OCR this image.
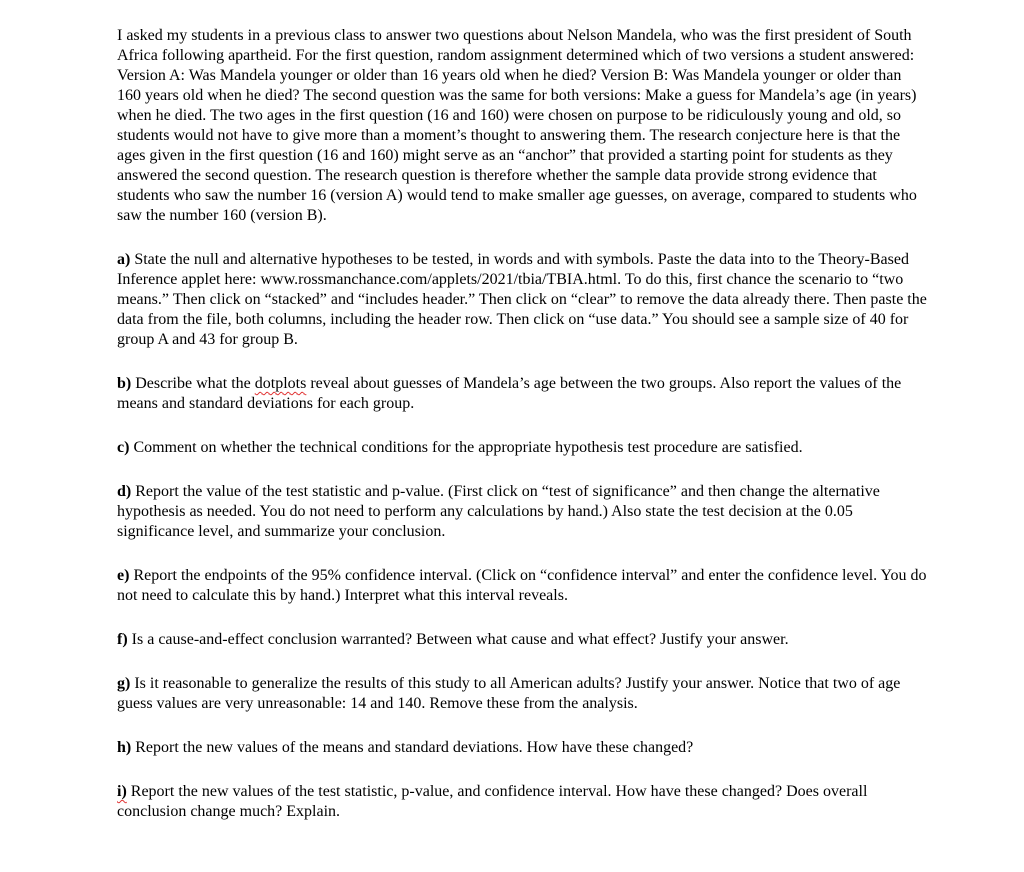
I asked my students in a previous class to answer two questions about Nelson Mandela, who was the first president of South Africa following apartheid. For the first question, random assignment determined which of two versions a student answered: Version A: Was Mandela younger or older than 16 years old when he died? Version B: Was Mandela younger or older than 160 years old when he died? The second question was the same for both versions: Make a guess for Mandela’s age (in years) when he died. The two ages in the first question (16 and 160) were chosen on purpose to be ridiculously young and old, so students would not have to give more than a moment’s thought to answering them. The research conjecture here is that the ages given in the first question (16 and 160) might serve as an “anchor” that provided a starting point for students as they answered the second question. The research question is therefore whether the sample data provide strong evidence that students who saw the number 16 (version A) would tend to make smaller age guesses, on average, compared to students who saw the number 160 (version B).

a) State the null and alternative hypotheses to be tested, in words and with symbols. Paste the data into to the Theory-Based Inference applet here: www.rossmanchance.com/applets/2021/tbia/TBIA.html. To do this, first chance the scenario to “two means.” Then click on “stacked” and “includes header.” Then click on “clear” to remove the data already there. Then paste the data from the file, both columns, including the header row. Then click on “use data.” You should see a sample size of 40 for group A and 43 for group B.

b) Describe what the dotplots reveal about guesses of Mandela’s age between the two groups. Also report the values of the means and standard deviations for each group.

c) Comment on whether the technical conditions for the appropriate hypothesis test procedure are satisfied.

d) Report the value of the test statistic and p-value. (First click on “test of significance” and then change the alternative hypothesis as needed. You do not need to perform any calculations by hand.) Also state the test decision at the 0.05 significance level, and summarize your conclusion.

e) Report the endpoints of the 95% confidence interval. (Click on “confidence interval” and enter the confidence level. You do not need to calculate this by hand.) Interpret what this interval reveals.

f) Is a cause-and-effect conclusion warranted? Between what cause and what effect? Justify your answer.

g) Is it reasonable to generalize the results of this study to all American adults? Justify your answer. Notice that two of age guess values are very unreasonable: 14 and 140. Remove these from the analysis.

h) Report the new values of the means and standard deviations. How have these changed?

i) Report the new values of the test statistic, p-value, and confidence interval. How have these changed? Does overall conclusion change much? Explain.
